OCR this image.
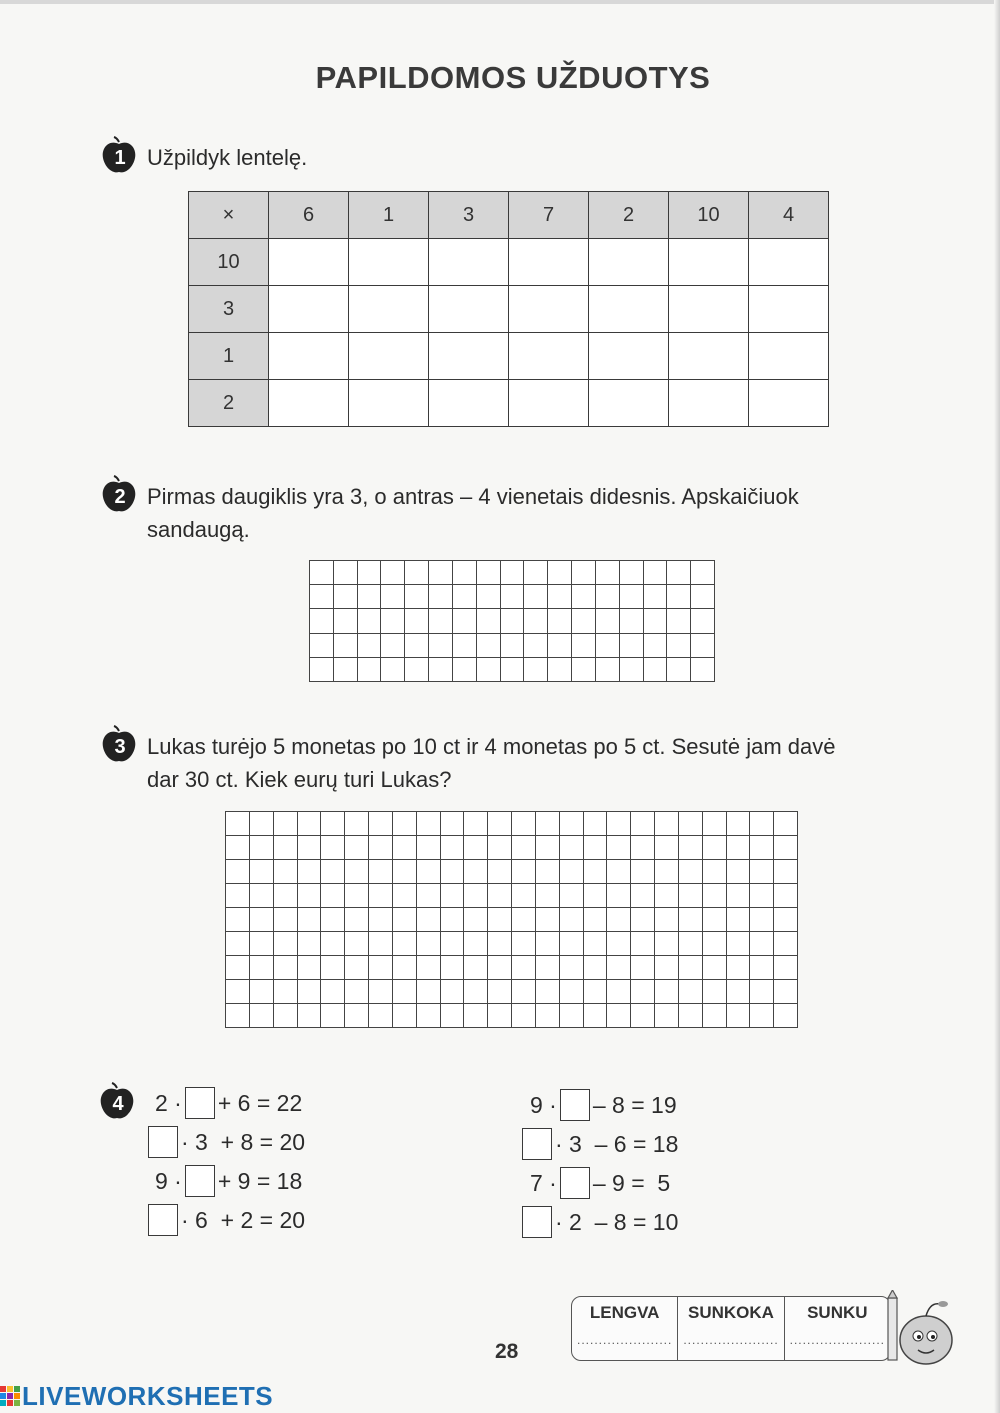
PAPILDOMOS UŽDUOTYS
1 Užpildyk lentelę.
×	6	1	3	7	2	10	4
10							
3							
1							
2							
2 Pirmas daugiklis yra 3, o antras – 4 vienetais didesnis. Apskaičiuok
sandaugą.
3 Lukas turėjo 5 monetas po 10 ct ir 4 monetas po 5 ct. Sesutė jam davė
dar 30 ct. Kiek eurų turi Lukas?
4 2 · + 6 = 22
· 3  + 8 = 20
9 · + 9 = 18
· 6  + 2 = 20
9 · – 8 = 19
· 3  – 6 = 18
7 · – 9 =  5
· 2  – 8 = 10
LENGVA
......................
SUNKOKA
......................
SUNKU
......................
28
LIVEWORKSHEETS
